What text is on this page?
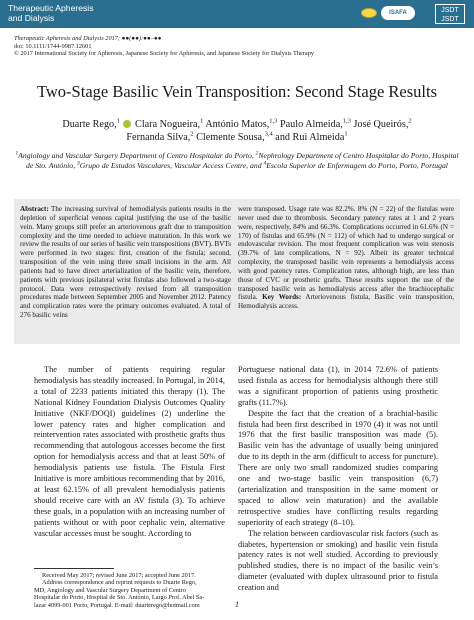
Therapeutic Apheresis
and Dialysis	ISAFA	JSDT
JSDT
Therapeutic Apheresis and Dialysis 2017; ●●(●●):●●–●●
doi: 10.1111/1744-9987.12601
© 2017 International Society for Apheresis, Japanese Society for Apheresis, and Japanese Society for Dialysis Therapy
Two-Stage Basilic Vein Transposition: Second Stage Results
Duarte Rego,$^1$ Clara Nogueira,$^1$ António Matos,$^{1,3}$ Paulo Almeida,$^{1,3}$ José Queirós,$^2$
Fernanda Silva,$^2$ Clemente Sousa,$^{3,4}$ and Rui Almeida$^1$
$^1$Angiology and Vascular Surgery Department of Centro Hospitalar do Porto, $^2$Nephrology Department of Centro Hospitalar do Porto, Hospital de Sto. António, $^3$Grupo de Estudos Vasculares, Vascular Access Centre, and $^4$Escola Superior de Enfermagem do Porto, Porto, Portugal
Abstract: The increasing survival of hemodialysis patients results in the depletion of superficial venous capital justifying the use of the basilic vein. Many groups still prefer an arteriovenous graft due to transposition complexity and the time needed to achieve maturation. In this work we review the results of our series of basilic vein transpositions (BVT). BVTs were performed in two stages: first, creation of the fistula; second, transposition of the vein using three small incisions in the arm. All patients had to have direct arterialization of the basilic vein, therefore, patients with previous ipsilateral wrist fistulas also followed a two-stage protocol. Data were retrospectively revised from all transposition procedures made between September 2005 and November 2012. Patency and complication rates were the primary outcomes evaluated. A total of 276 basilic veins
were transposed. Usage rate was 82.2%. 8% (N = 22) of the fistulas were never used due to thrombosis. Secondary patency rates at 1 and 2 years were, respectively, 84% and 66.3%. Complications occurred in 61.6% (N = 170) of fistulas and 65.9% (N = 112) of which had to undergo surgical or endovascular revision. The most frequent complication was vein stenosis (39.7% of late complications, N = 92). Albeit its greater technical complexity, the transposed basilic vein represents a hemodialysis access with good patency rates. Complication rates, although high, are less than those of CVC or prosthetic grafts. These results support the use of the transposed basilic vein as hemodialysis access after the brachiocephalic fistula. Key Words: Arteriovenous fistula, Basilic vein transposition, Hemodialysis access.
The number of patients requiring regular hemodialysis has steadily increased. In Portugal, in 2014, a total of 2233 patients initiated this therapy (1). The National Kidney Foundation Dialysis Outcomes Quality Initiative (NKF/DOQI) guidelines (2) underline the lower patency rates and higher complication and reintervention rates associated with prosthetic grafts thus recommending that autologous accesses become the first option for hemodialysis access and that at least 50% of hemodialysis patients use fistula. The Fistula First Initiative is more ambitious recommending that by 2016, at least 62.15% of all prevalent hemodialysis patients should receive care with an AV fistula (3). To achieve these goals, in a population with an increasing number of patients without or with poor cephalic vein, alternative vascular accesses must be sought. According to

Portuguese national data (1), in 2014 72.6% of patients used fistula as access for hemodialysis although there still was a significant proportion of patients using prosthetic grafts (11.7%).

Despite the fact that the creation of a brachial-basilic fistula had been first described in 1970 (4) it was not until 1976 that the first basilic transposition was made (5). Basilic vein has the advantage of usually being uninjured due to its depth in the arm (difficult to access for puncture). There are only two small randomized studies comparing one and two-stage basilic vein transposition (6,7) (arterialization and transposition in the same moment or spaced to allow vein maturation) and the available retrospective studies have conflicting results regarding superiority of each strategy (8–10).

The relation between cardiovascular risk factors (such as diabetes, hypertension or smoking) and basilic vein fistula patency rates is not well studied. According to previously published studies, there is no impact of the basilic vein’s diameter (evaluated with duplex ultrasound prior to fistula creation and

Received May 2017; revised June 2017; accepted June 2017.
Address correspondence and reprint requests to Duarte Rego,
MD, Angiology and Vascular Surgery Department of Centro
Hospitalar do Porto, Hospital de Sto. António, Largo Prof. Abel Sa-
lazar 4099-001 Porto, Portugal. E-mail: duarterego@hotmail.com	1
